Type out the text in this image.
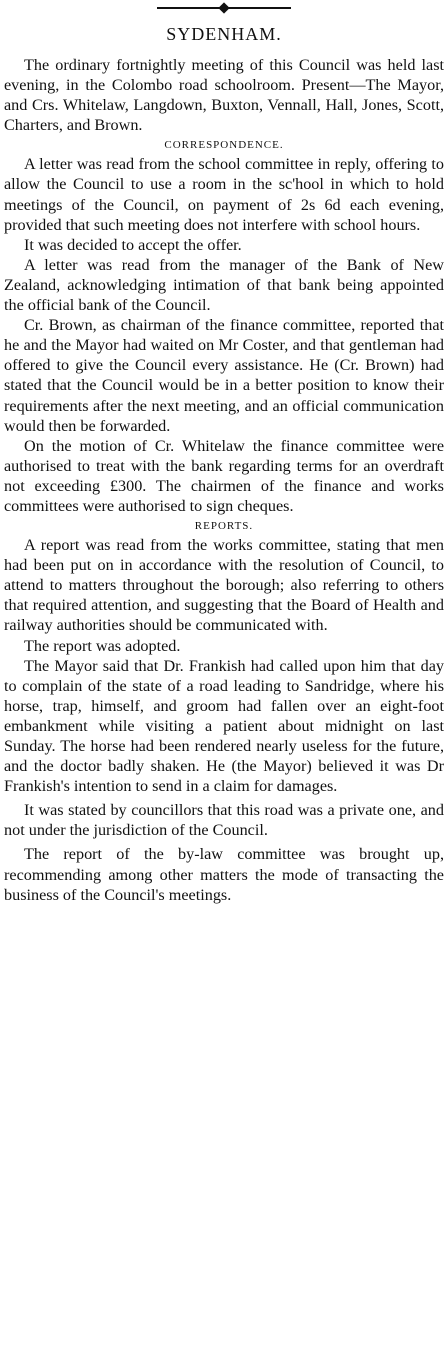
SYDENHAM.

The ordinary fortnightly meeting of this Council was held last evening, in the Colombo road schoolroom. Present—The Mayor, and Crs. Whitelaw, Langdown, Buxton, Vennall, Hall, Jones, Scott, Charters, and Brown.

CORRESPONDENCE.

A letter was read from the school committee in reply, offering to allow the Council to use a room in the sc'hool in which to hold meetings of the Council, on payment of 2s 6d each evening, provided that such meeting does not interfere with school hours.

It was decided to accept the offer.

A letter was read from the manager of the Bank of New Zealand, acknowledging intimation of that bank being appointed the official bank of the Council.

Cr. Brown, as chairman of the finance committee, reported that he and the Mayor had waited on Mr Coster, and that gentleman had offered to give the Council every assistance. He (Cr. Brown) had stated that the Council would be in a better position to know their requirements after the next meeting, and an official communication would then be forwarded.

On the motion of Cr. Whitelaw the finance committee were authorised to treat with the bank regarding terms for an overdraft not exceeding £300. The chairmen of the finance and works committees were authorised to sign cheques.

REPORTS.

A report was read from the works committee, stating that men had been put on in accordance with the resolution of Council, to attend to matters throughout the borough; also referring to others that required attention, and suggesting that the Board of Health and railway authorities should be communicated with.

The report was adopted.

The Mayor said that Dr. Frankish had called upon him that day to complain of the state of a road leading to Sandridge, where his horse, trap, himself, and groom had fallen over an eight-foot embankment while visiting a patient about midnight on last Sunday. The horse had been rendered nearly useless for the future, and the doctor badly shaken. He (the Mayor) believed it was Dr Frankish's intention to send in a claim for damages.

It was stated by councillors that this road was a private one, and not under the jurisdiction of the Council.

The report of the by-law committee was brought up, recommending among other matters the mode of transacting the business of the Council's meetings.
